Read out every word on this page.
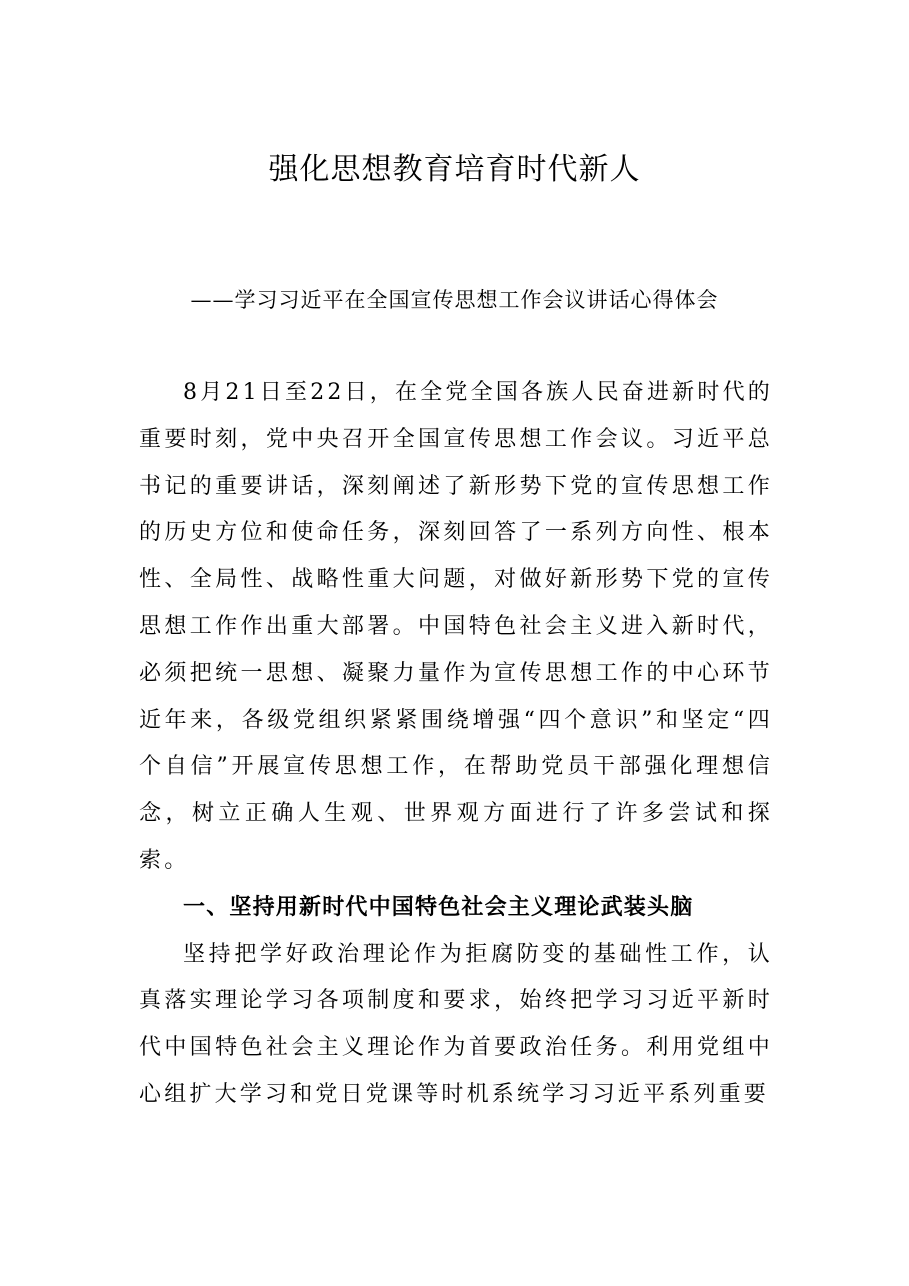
强化思想教育培育时代新人
——学习习近平在全国宣传思想工作会议讲话心得体会

8月21日至22日，在全党全国各族人民奋进新时代的重要时刻，党中央召开全国宣传思想工作会议。习近平总书记的重要讲话，深刻阐述了新形势下党的宣传思想工作的历史方位和使命任务，深刻回答了一系列方向性、根本性、全局性、战略性重大问题，对做好新形势下党的宣传思想工作作出重大部署。中国特色社会主义进入新时代，必须把统一思想、凝聚力量作为宣传思想工作的中心环节近年来，各级党组织紧紧围绕增强“四个意识”和坚定“四个自信”开展宣传思想工作，在帮助党员干部强化理想信念，树立正确人生观、世界观方面进行了许多尝试和探索。

一、坚持用新时代中国特色社会主义理论武装头脑

坚持把学好政治理论作为拒腐防变的基础性工作，认真落实理论学习各项制度和要求，始终把学习习近平新时代中国特色社会主义理论作为首要政治任务。利用党组中心组扩大学习和党日党课等时机系统学习习近平系列重要
